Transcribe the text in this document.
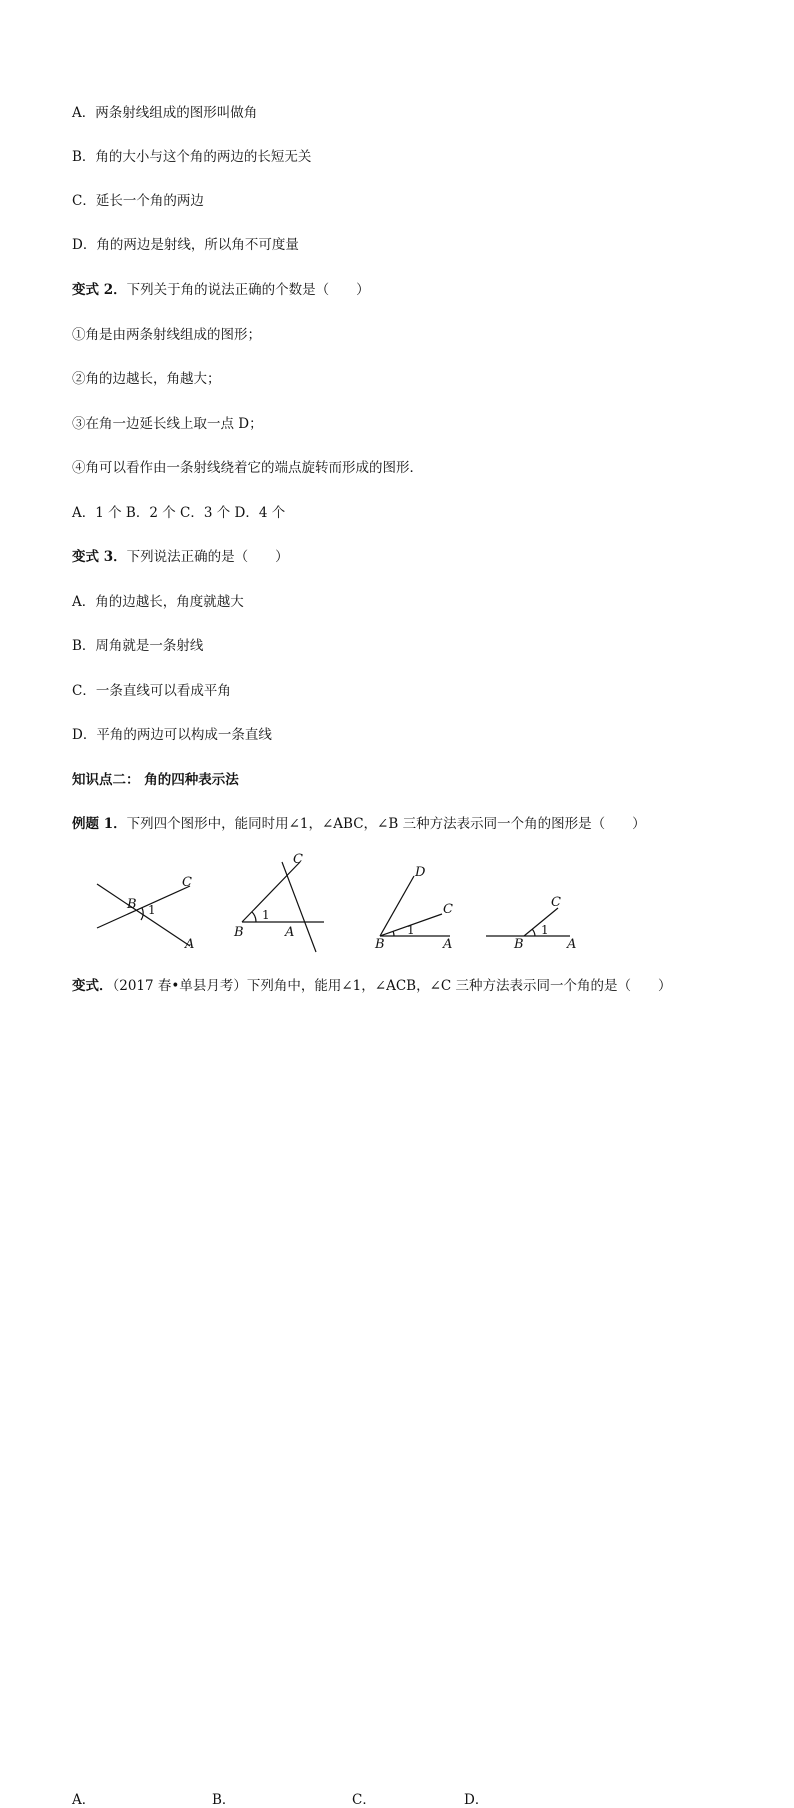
A．两条射线组成的图形叫做角
B．角的大小与这个角的两边的长短无关
C．延长一个角的两边
D．角的两边是射线，所以角不可度量
变式 2．下列关于角的说法正确的个数是（　　）
①角是由两条射线组成的图形；
②角的边越长，角越大；
③在角一边延长线上取一点 D；
④角可以看作由一条射线绕着它的端点旋转而形成的图形．
A．1 个 B．2 个 C．3 个 D．4 个
变式 3．下列说法正确的是（　　）
A．角的边越长，角度就越大
B．周角就是一条射线
C．一条直线可以看成平角
D．平角的两边可以构成一条直线
知识点二： 角的四种表示法
例题 1．下列四个图形中，能同时用∠1，∠ABC，∠B 三种方法表示同一个角的图形是（　　）
B
C
A
1
C
B	A
1
D
C
B	A
1
C
B	A
1
A．	B．	C．	D．
变式．（2017 春•单县月考）下列角中，能用∠1，∠ACB，∠C 三种方法表示同一个角的是（　　）
